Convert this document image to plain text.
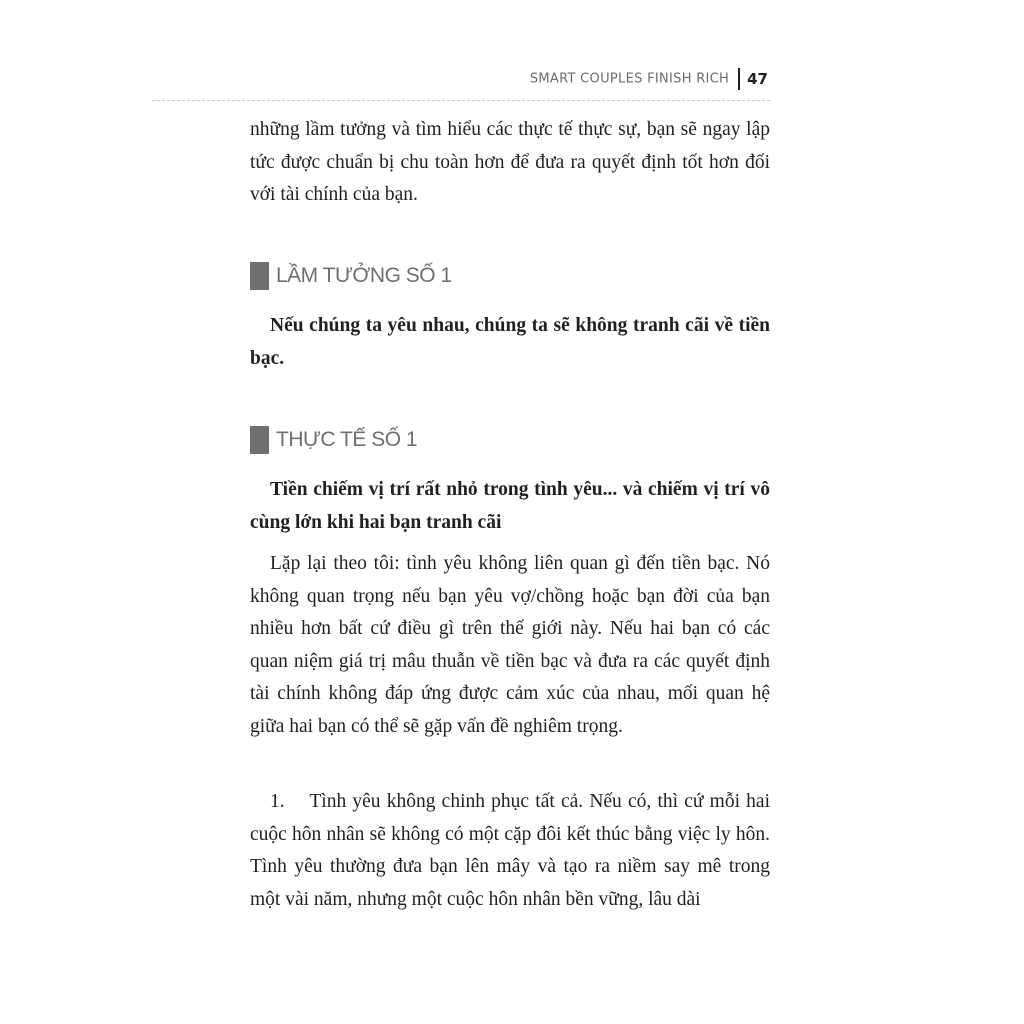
SMART COUPLES FINISH RICH 47

những lầm tưởng và tìm hiểu các thực tế thực sự, bạn sẽ ngay lập tức được chuẩn bị chu toàn hơn để đưa ra quyết định tốt hơn đối với tài chính của bạn.

LẦM TƯỞNG SỐ 1

Nếu chúng ta yêu nhau, chúng ta sẽ không tranh cãi về tiền bạc.

THỰC TẾ SỐ 1

Tiền chiếm vị trí rất nhỏ trong tình yêu... và chiếm vị trí vô cùng lớn khi hai bạn tranh cãi

Lặp lại theo tôi: tình yêu không liên quan gì đến tiền bạc. Nó không quan trọng nếu bạn yêu vợ/chồng hoặc bạn đời của bạn nhiều hơn bất cứ điều gì trên thế giới này. Nếu hai bạn có các quan niệm giá trị mâu thuẫn về tiền bạc và đưa ra các quyết định tài chính không đáp ứng được cảm xúc của nhau, mối quan hệ giữa hai bạn có thể sẽ gặp vấn đề nghiêm trọng.

1. Tình yêu không chinh phục tất cả. Nếu có, thì cứ mỗi hai cuộc hôn nhân sẽ không có một cặp đôi kết thúc bằng việc ly hôn. Tình yêu thường đưa bạn lên mây và tạo ra niềm say mê trong một vài năm, nhưng một cuộc hôn nhân bền vững, lâu dài
